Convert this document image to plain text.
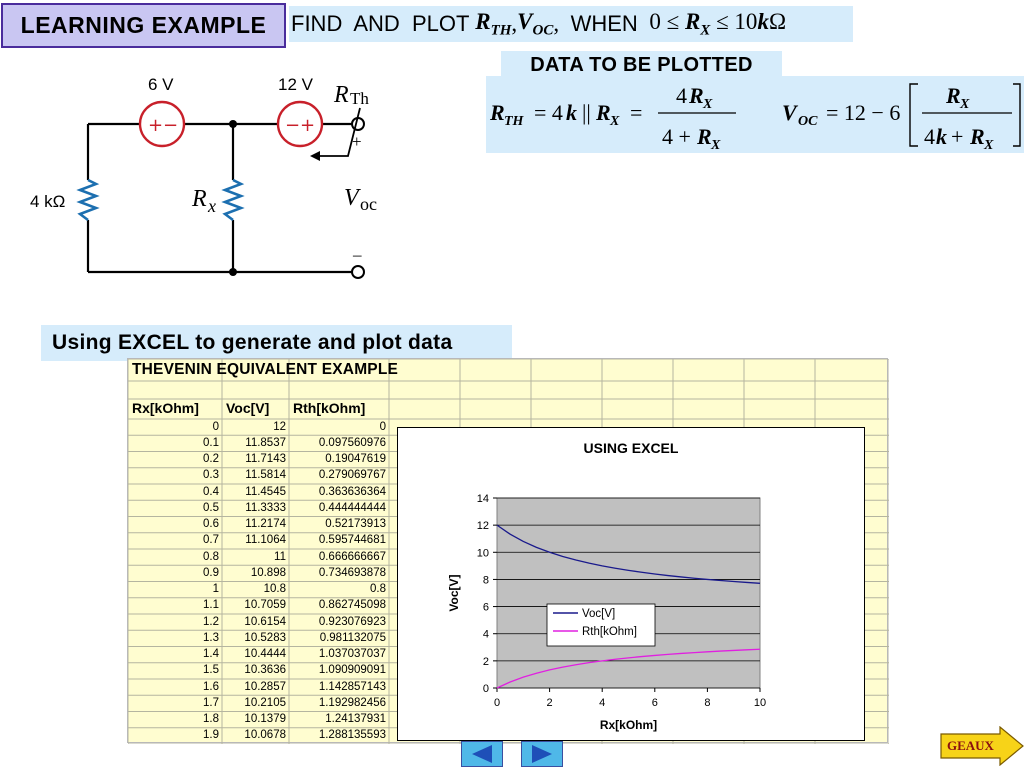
LEARNING EXAMPLE FIND  AND  PLOT $R_{TH}$ , $V_{OC}$ , WHEN $0 \le R_X \le 10k\Omega$
DATA TO BE PLOTTED
R TH = 4 k || R X =
4 R X
4 + R X
V OC = 12 − 6
R X
4 k + R X
+ −	− +
6 V	12 V
4 kΩ
R Th
R x	V oc
+
–
Using EXCEL to generate and plot data
THEVENIN EQUIVALENT EXAMPLE
Rx[kOhm]	Voc[V]	Rth[kOhm]
0	12	0
0.1	11.8537	0.097560976
0.2	11.7143	0.19047619
0.3	11.5814	0.279069767
0.4	11.4545	0.363636364
0.5	11.3333	0.444444444
0.6	11.2174	0.52173913
0.7	11.1064	0.595744681
0.8	11	0.666666667
0.9	10.898	0.734693878
1	10.8	0.8
1.1	10.7059	0.862745098
1.2	10.6154	0.923076923
1.3	10.5283	0.981132075
1.4	10.4444	1.037037037
1.5	10.3636	1.090909091
1.6	10.2857	1.142857143
1.7	10.2105	1.192982456
1.8	10.1379	1.24137931
1.9	10.0678	1.288135593
USING EXCEL
0
2
4
6
8
10
12
14
0	2	4	6	8	10
Rx[kOhm]
Voc[V]
Voc[V]
Rth[kOhm]
GEAUX
